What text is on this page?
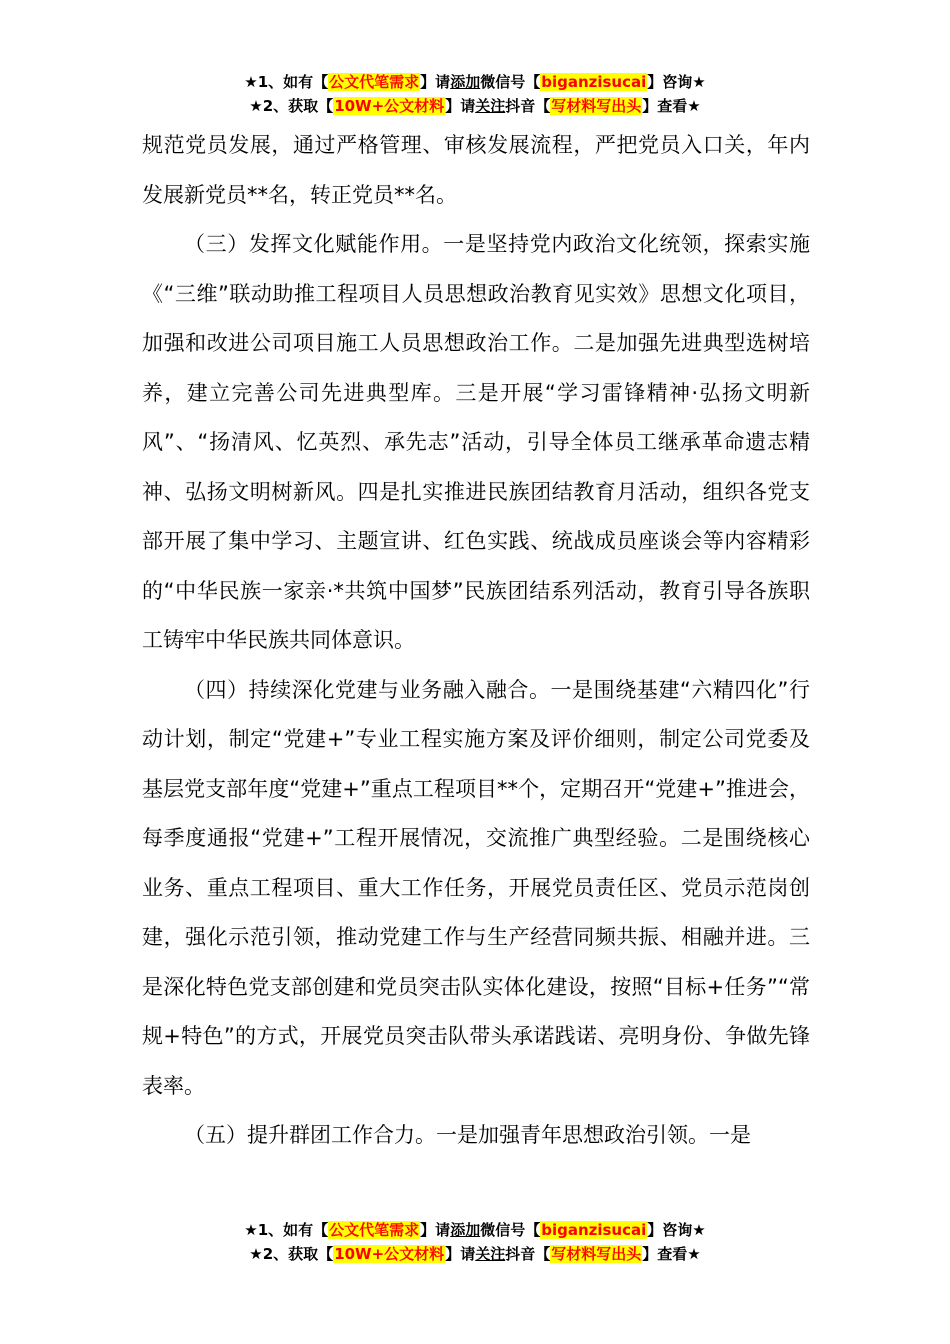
★1、如有【公文代笔需求】请添加微信号【biganzisucai】咨询★
★2、获取【10W+公文材料】请关注抖音【写材料写出头】查看★

规范党员发展，通过严格管理、审核发展流程，严把党员入口关，年内发展新党员**名，转正党员**名。

（三）发挥文化赋能作用。一是坚持党内政治文化统领，探索实施《“三维”联动助推工程项目人员思想政治教育见实效》思想文化项目，加强和改进公司项目施工人员思想政治工作。二是加强先进典型选树培养，建立完善公司先进典型库。三是开展“学习雷锋精神·弘扬文明新风”、“扬清风、忆英烈、承先志”活动，引导全体员工继承革命遗志精神、弘扬文明树新风。四是扎实推进民族团结教育月活动，组织各党支部开展了集中学习、主题宣讲、红色实践、统战成员座谈会等内容精彩的“中华民族一家亲·*共筑中国梦”民族团结系列活动，教育引导各族职工铸牢中华民族共同体意识。

（四）持续深化党建与业务融入融合。一是围绕基建“六精四化”行动计划，制定“党建+”专业工程实施方案及评价细则，制定公司党委及基层党支部年度“党建+”重点工程项目**个，定期召开“党建+”推进会，每季度通报“党建+”工程开展情况，交流推广典型经验。二是围绕核心业务、重点工程项目、重大工作任务，开展党员责任区、党员示范岗创建，强化示范引领，推动党建工作与生产经营同频共振、相融并进。三是深化特色党支部创建和党员突击队实体化建设，按照“目标+任务”“常规+特色”的方式，开展党员突击队带头承诺践诺、亮明身份、争做先锋表率。

（五）提升群团工作合力。一是加强青年思想政治引领。一是

★1、如有【公文代笔需求】请添加微信号【biganzisucai】咨询★
★2、获取【10W+公文材料】请关注抖音【写材料写出头】查看★
